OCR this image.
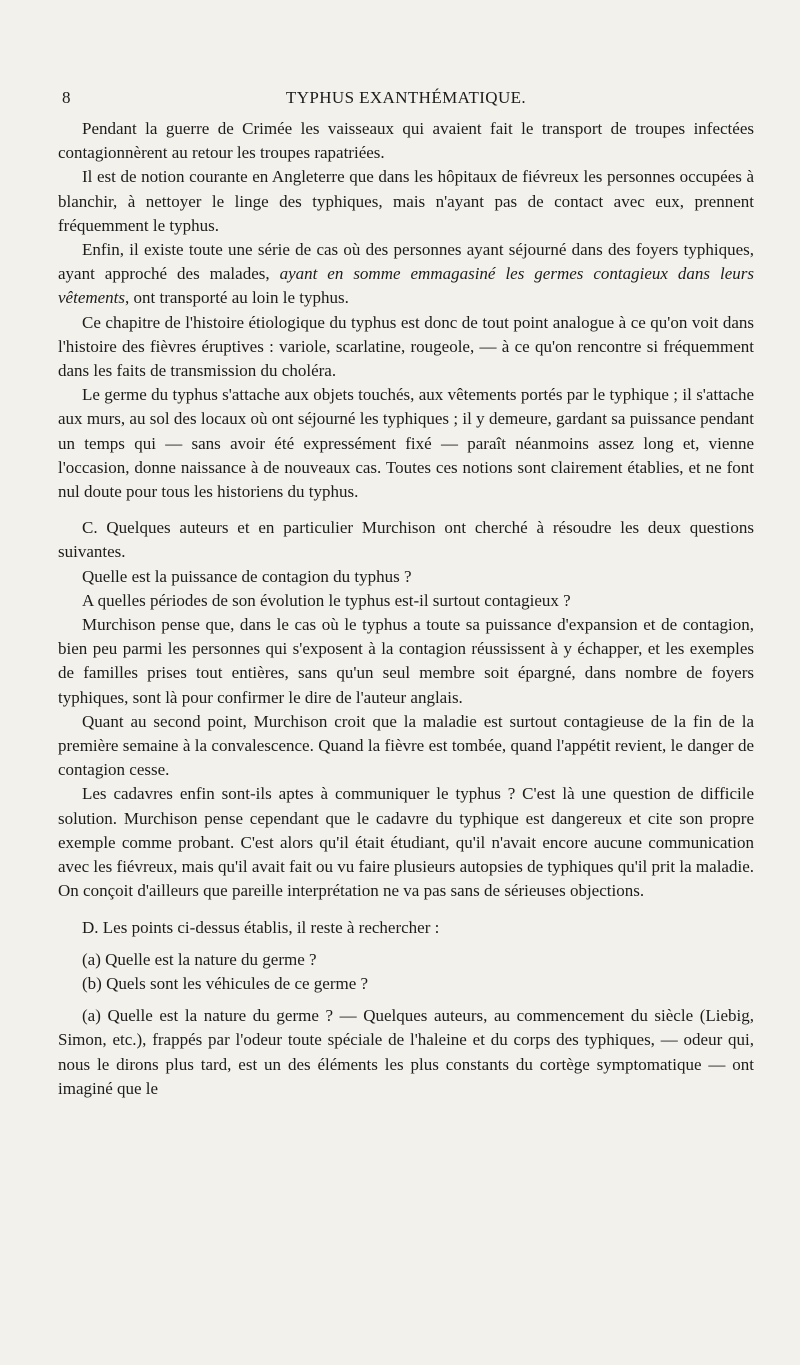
8	TYPHUS EXANTHÉMATIQUE.

Pendant la guerre de Crimée les vaisseaux qui avaient fait le transport de troupes infectées contagionnèrent au retour les troupes rapatriées.

Il est de notion courante en Angleterre que dans les hôpitaux de fiévreux les personnes occupées à blanchir, à nettoyer le linge des typhiques, mais n'ayant pas de contact avec eux, prennent fréquemment le typhus.

Enfin, il existe toute une série de cas où des personnes ayant séjourné dans des foyers typhiques, ayant approché des malades, ayant en somme emmagasiné les germes contagieux dans leurs vêtements, ont transporté au loin le typhus.

Ce chapitre de l'histoire étiologique du typhus est donc de tout point analogue à ce qu'on voit dans l'histoire des fièvres éruptives : variole, scarlatine, rougeole, — à ce qu'on rencontre si fréquemment dans les faits de transmission du choléra.

Le germe du typhus s'attache aux objets touchés, aux vêtements portés par le typhique ; il s'attache aux murs, au sol des locaux où ont séjourné les typhiques ; il y demeure, gardant sa puissance pendant un temps qui — sans avoir été expressément fixé — paraît néanmoins assez long et, vienne l'occasion, donne naissance à de nouveaux cas. Toutes ces notions sont clairement établies, et ne font nul doute pour tous les historiens du typhus.

C. Quelques auteurs et en particulier Murchison ont cherché à résoudre les deux questions suivantes.

Quelle est la puissance de contagion du typhus ?

A quelles périodes de son évolution le typhus est-il surtout contagieux ?

Murchison pense que, dans le cas où le typhus a toute sa puissance d'expansion et de contagion, bien peu parmi les personnes qui s'exposent à la contagion réussissent à y échapper, et les exemples de familles prises tout entières, sans qu'un seul membre soit épargné, dans nombre de foyers typhiques, sont là pour confirmer le dire de l'auteur anglais.

Quant au second point, Murchison croit que la maladie est surtout contagieuse de la fin de la première semaine à la convalescence. Quand la fièvre est tombée, quand l'appétit revient, le danger de contagion cesse.

Les cadavres enfin sont-ils aptes à communiquer le typhus ? C'est là une question de difficile solution. Murchison pense cependant que le cadavre du typhique est dangereux et cite son propre exemple comme probant. C'est alors qu'il était étudiant, qu'il n'avait encore aucune communication avec les fiévreux, mais qu'il avait fait ou vu faire plusieurs autopsies de typhiques qu'il prit la maladie. On conçoit d'ailleurs que pareille interprétation ne va pas sans de sérieuses objections.

D. Les points ci-dessus établis, il reste à rechercher :

(a) Quelle est la nature du germe ?

(b) Quels sont les véhicules de ce germe ?

(a) Quelle est la nature du germe ? — Quelques auteurs, au commencement du siècle (Liebig, Simon, etc.), frappés par l'odeur toute spéciale de l'haleine et du corps des typhiques, — odeur qui, nous le dirons plus tard, est un des éléments les plus constants du cortège symptomatique — ont imaginé que le
